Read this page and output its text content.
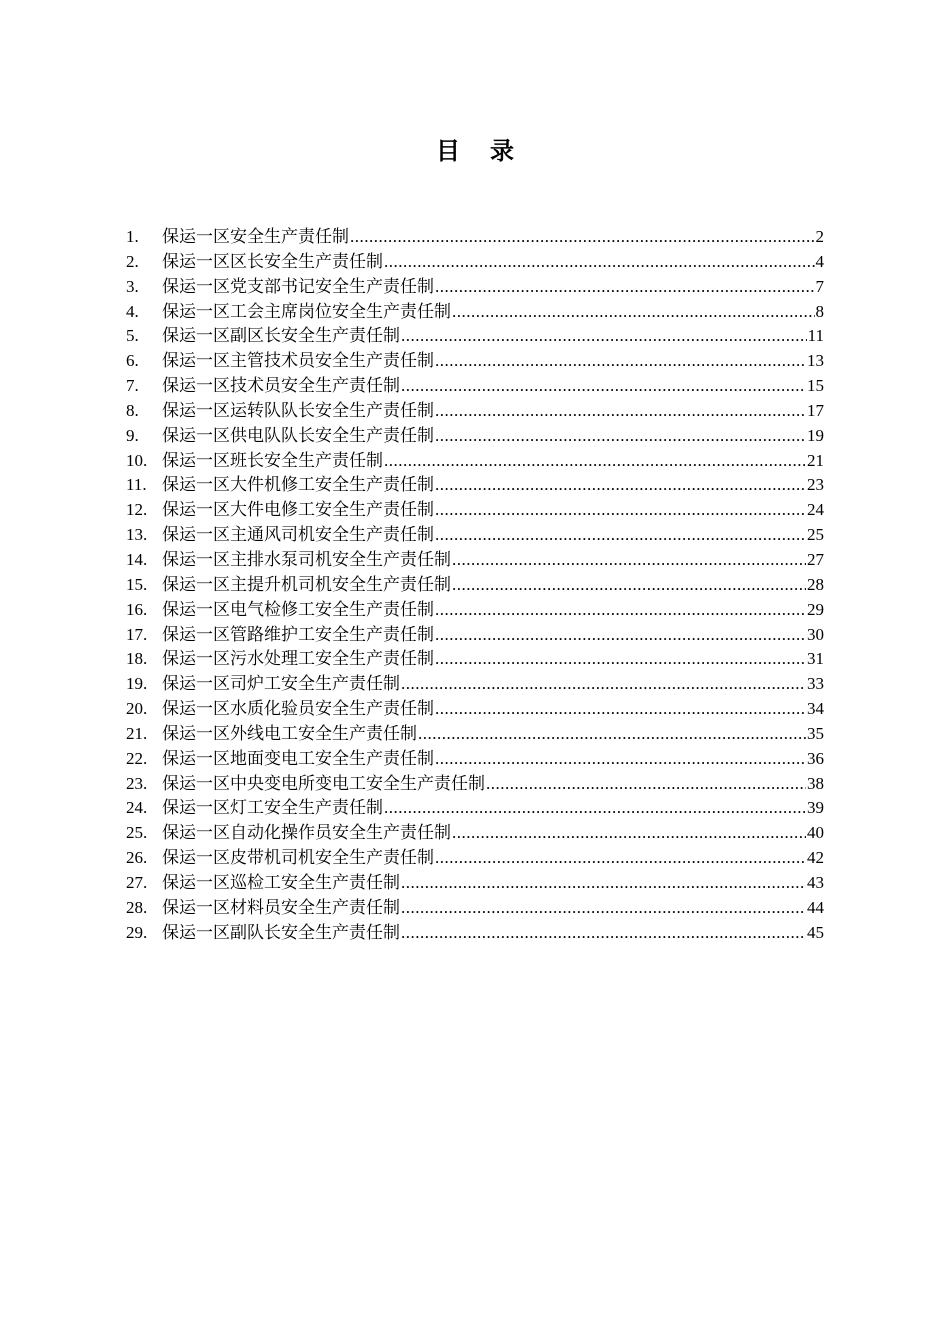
目录
1.	保运一区安全生产责任制 .....	2
2.	保运一区区长安全生产责任制 .....	4
3.	保运一区党支部书记安全生产责任制 .....	7
4.	保运一区工会主席岗位安全生产责任制 .....	8
5.	保运一区副区长安全生产责任制 .....	11
6.	保运一区主管技术员安全生产责任制 .....	13
7.	保运一区技术员安全生产责任制 .....	15
8.	保运一区运转队队长安全生产责任制 .....	17
9.	保运一区供电队队长安全生产责任制 .....	19
10. 保运一区班长安全生产责任制 .....	21
11. 保运一区大件机修工安全生产责任制 .....	23
12. 保运一区大件电修工安全生产责任制 .....	24
13. 保运一区主通风司机安全生产责任制 .....	25
14. 保运一区主排水泵司机安全生产责任制 .....	27
15. 保运一区主提升机司机安全生产责任制 .....	28
16. 保运一区电气检修工安全生产责任制 .....	29
17. 保运一区管路维护工安全生产责任制 .....	30
18. 保运一区污水处理工安全生产责任制 .....	31
19. 保运一区司炉工安全生产责任制 .....	33
20. 保运一区水质化验员安全生产责任制 .....	34
21. 保运一区外线电工安全生产责任制 .....	35
22. 保运一区地面变电工安全生产责任制 .....	36
23. 保运一区中央变电所变电工安全生产责任制 .....	38
24. 保运一区灯工安全生产责任制 .....	39
25. 保运一区自动化操作员安全生产责任制 .....	40
26. 保运一区皮带机司机安全生产责任制 .....	42
27. 保运一区巡检工安全生产责任制 .....	43
28. 保运一区材料员安全生产责任制 .....	44
29. 保运一区副队长安全生产责任制 .....	45
